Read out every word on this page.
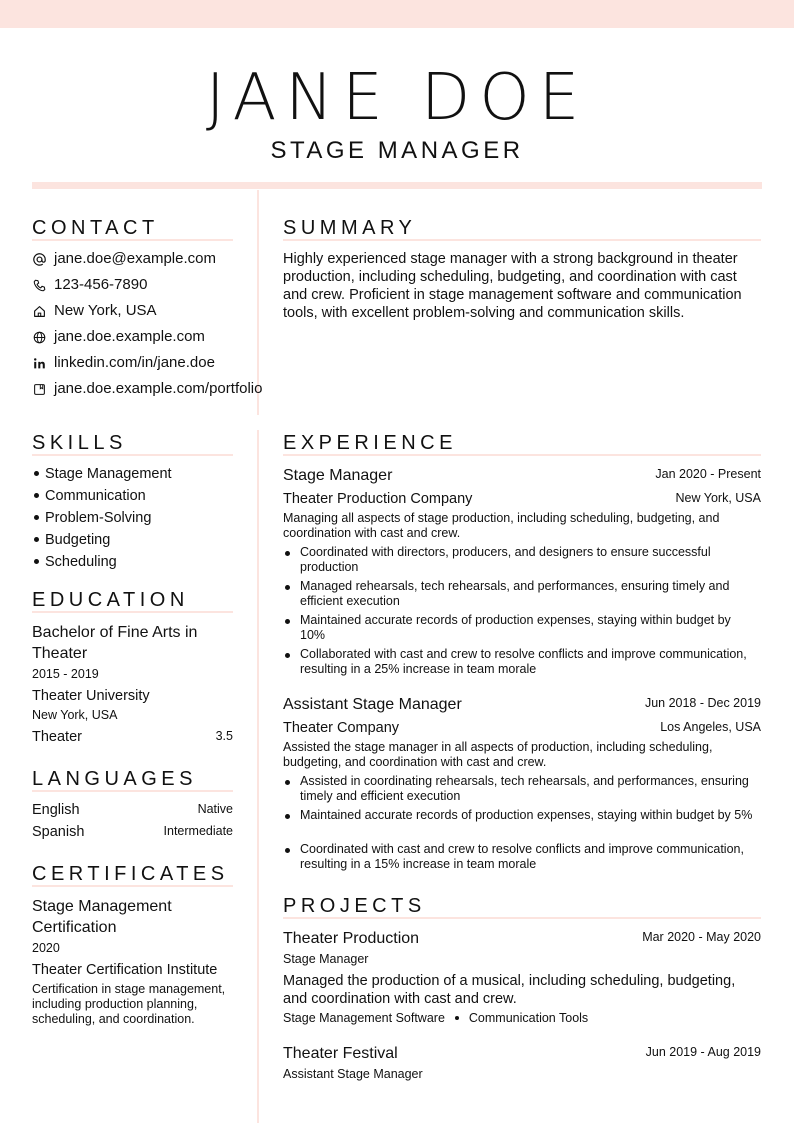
JANE DOE
STAGE MANAGER
CONTACT
jane.doe@example.com
123-456-7890
New York, USA
jane.doe.example.com
linkedin.com/in/jane.doe
jane.doe.example.com/portfolio
SUMMARY
Highly experienced stage manager with a strong background in theater production, including scheduling, budgeting, and coordination with cast and crew. Proficient in stage management software and communication tools, with excellent problem-solving and communication skills.
SKILLS
Stage Management
Communication
Problem-Solving
Budgeting
Scheduling
EDUCATION
Bachelor of Fine Arts in Theater
2015 - 2019
Theater University
New York, USA
Theater	3.5
LANGUAGES
English	Native
Spanish	Intermediate
CERTIFICATES
Stage Management Certification
2020
Theater Certification Institute
Certification in stage management, including production planning, scheduling, and coordination.
EXPERIENCE
Stage Manager	Jan 2020 - Present
Theater Production Company	New York, USA
Managing all aspects of stage production, including scheduling, budgeting, and coordination with cast and crew.
Coordinated with directors, producers, and designers to ensure successful production
Managed rehearsals, tech rehearsals, and performances, ensuring timely and efficient execution
Maintained accurate records of production expenses, staying within budget by 10%
Collaborated with cast and crew to resolve conflicts and improve communication, resulting in a 25% increase in team morale
Assistant Stage Manager	Jun 2018 - Dec 2019
Theater Company	Los Angeles, USA
Assisted the stage manager in all aspects of production, including scheduling, budgeting, and coordination with cast and crew.
Assisted in coordinating rehearsals, tech rehearsals, and performances, ensuring timely and efficient execution
Maintained accurate records of production expenses, staying within budget by 5%
Coordinated with cast and crew to resolve conflicts and improve communication, resulting in a 15% increase in team morale
PROJECTS
Theater Production	Mar 2020 - May 2020
Stage Manager
Managed the production of a musical, including scheduling, budgeting, and coordination with cast and crew.
Stage Management Software Communication Tools
Theater Festival	Jun 2019 - Aug 2019
Assistant Stage Manager
